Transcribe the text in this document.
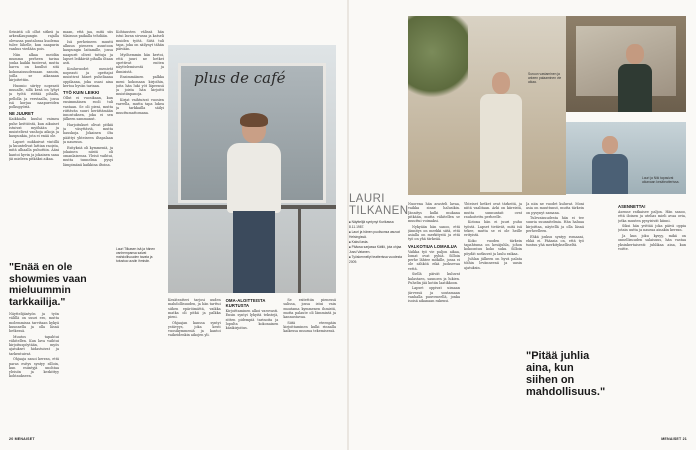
Seinistä oli ollut sitkeä ja arkeaKaupungin rajalla olevassa puutalossa kuolema tulee lähelle, kun naapurin vanhus viedään pois.

Niin alkaa meidän mummu perheen tarina jonka kaikki tuntevat, mutta harva on kuullut sitä kokonaisuudessaan sanoin, joilla se aikanaan kirjoitettiin.

Huomio siirtyy nopeasti muualle, sillä kesä on lyhyt ja työtä riittää pihalla, pellolla ja verstaalla, jossa isä korjaa naapureiden polkupyöriä.

NE JUURET

Kaikkialla kuului vaimea puhe keittiöstä, kun aikuiset istuivat myöhään ja muistelivat vanhoja aikoja ja kaupunkia, jota ei enää ole.

Lapset nukkuivat vintillä ja kuuntelivat lattian raoista, mitä alhaalla puhuttiin. Ääni kantoi hyvin ja jokainen sana jäi mieleen pitkäksi aikaa.

"Enää en ole showmies vaan mieluummin tarkkailija."

Näyttelijäntyön ja työn välillä on suuri ero, mutta molemmissa tarvitaan kykyä kuunnella ja olla läsnä hetkessä.

Muutos tapahtui vähitellen. Kun lava vaihtui kirjoituspöytään, myös ajatukset hidastuivat ja tarkentuivat.

Ohjaaja sanoi kerran, että paras esitys syntyy silloin, kun esiintyjä unohtaa yleisön ja keskittyy kohtaukseen.

maan, että jaa, mitä siis tilaisuus paikalla tehdään.

Isä perheineen muutti alkuun pieneen asuntoon kaupungin laitamille, jossa naapurit olivat tuttuja ja lapset leikkivät pihalla iltaan asti.

Kouluvuodet menivät nopeasti ja opettajat muistivat hänet puheliaana oppilaana, joka osasi aina kertoa hyvän tarinan.

TYÖ KUIN LEIKKI

Ollut ei vuosikaan, kun ensimmäinen rooli tuli vastaan. Se oli pieni, mutta riittävän suuri herättämään innostuksen, joka ei sen jälkeen sammunut.

Harjoitukset olivat pitkiä ja väsyttäviä, mutta hauskoja. Jokainen ilta päättyi yhteiseen iltapalaan ja nauruun.

Esityksiä oli kymmeniä, ja jokainen niistä oli omanlaisensa. Yleisö vaihtui, mutta tunnelma pysyi lämpimänä kaikkina iltoina.

Kohtausten välissä hän istui lavan sivussa ja katseli muiden työtä. Siitä tuli tapa, joka on säilynyt tähän päivään.

Myöhemmin hän kertoi, että juuri ne hetket opettivat eniten näyttelemisestä ja ihmisistä.

Ensimmäinen palkka meni kokonaan kirjoihin, joita hän luki yöt läpeensä ja joista hän kirjoitti muistiinpanoja.

Kirjat vaihtuivat vuosien varrella, mutta tapa lukea ja tarkkailla säilyi muuttumattomana.

Lauri Tilkasen isä ja hänen vanhempansa saivat mahdollisuuden tavata ja tutustua uusiin ihmisiin.

Kesäteatteri tarjosi uuden mahdollisuuden, ja hän tarttui siihen epäröimättä, vaikka matka oli pitkä ja palkka pieni.

Ohjaajan kanssa syntyi ystävyys, joka kesti vuosikymmeniä ja kantoi vaikeidenkin aikojen yli.

OMA-ALOITTEISTA KURTUSTA

Kirjoittaminen alkoi varovasti. Ensin syntyi lyhyitä tekstejä, sitten pidempiä tarinoita ja lopulta kokonainen käsikirjoitus.

Se esitettiin pienessä salissa, jossa istui vain muutama kymmenen ihmistä, mutta palaute oli lämmintä ja kannustavaa.

Siitä eteenpäin kirjoittaminen kulki rinnalla kaikessa muussa tekemisessä.

plus de café
20 MENAISET
LAURI TILKANEN
■ Näyttelijä syntynyt Kurikassa 8.11.1987.
■ Lauri ja hänen puolisonsa asuvat Helsingissä.
■ Kaksi lasta.
■ Pääosa sarjassa Kätilö, jota ohjaa Jussi Vatanen.
■ Työskennellyt teatterissa vuodesta 2009.
Suruun vastaminen ja arkeen palaaminen vie aikaa.
Lauri ja Niki tapasivat aikanaan kesäteatterissa.

Nuorena hän arasteli lavaa, vaikka sinne halusikin. Jännitys kulki mukana pitkään, mutta vähitellen se muuttui voimaksi.

Nykyään hän sanoo, että jännitys on merkki siitä, että asialla on merkitystä ja että työ on yhä tärkeää.

VALKOTIUA LOMAILUA

Vaikka työ vie paljon aikaa, lomat ovat pyhiä. Silloin perhe lähtee mökille, jossa ei ole sähköä eikä juoksevaa vettä.

Siellä päivät kuluvat kalastaen, saunoen ja lukien. Puhelin jää kotiin laatikkoon.

Lapset oppivat uimaan järvessä ja soutamaan vanhalla puuveneellä, jonka isoisä aikanaan rakensi.

Yhteiset hetket ovat tärkeitä, ja niitä vaalitaan. Arki on kiireistä, mutta sunnuntait ovat rauhoitettu perheelle.

Kotona hän ei juuri puhu työstä. Lapset tietävät, mitä isä tekee, mutta se ei ole heille erityistä.

Koko vuoden tärkein tapahtuma on kesäjuhla, johon kokoontuu koko suku. Silloin pöydät notkuvat ja laulu raikaa.

Juhlan jälkeen on hyvä palata töihin levänneenä ja uusin ajatuksin.

Ja niin ne vuodet kuluvat. Moni asia on muuttunut, mutta tärkein on pysynyt samana.

Tulevaisuudesta hän ei tee suuria suunnitelmia. Hän haluaa kirjoittaa, näytellä ja olla läsnä perheelleen.

Ehkä joskus syntyy romaani, ehkä ei. Pääasia on, että työ tuntuu yhä merkitykselliseltä.

"Pitää juhlia aina, kun siihen on mahdollisuus."
ASENNETTA!

Asenne ratkaisee paljon. Hän sanoo, että iloinen ja utelias mieli avaa ovia, jotka muuten pysyisivät kiinni.

Siksi hän yrittää joka päivä oppia jotain uutta ja nauraa ainakin kerran.

Ja kun joku kysyy, mikä on onnellisuuden salaisuus, hän vastaa yksinkertaisesti: juhlikaa aina, kun voitte.

MENAISET 21
